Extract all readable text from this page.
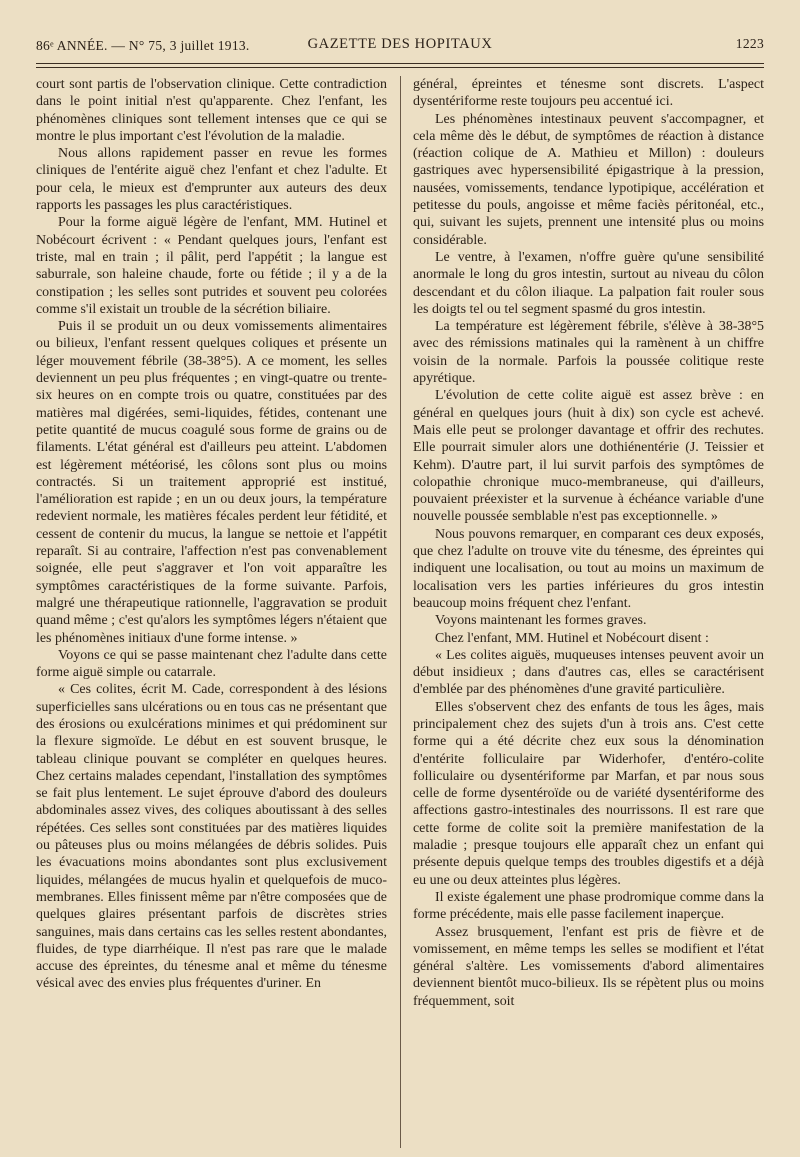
86ᵉ ANNÉE. — N° 75, 3 juillet 1913.	GAZETTE DES HOPITAUX	1223

court sont partis de l'observation clinique. Cette contradiction dans le point initial n'est qu'apparente. Chez l'enfant, les phénomènes cliniques sont tellement intenses que ce qui se montre le plus important c'est l'évolution de la maladie.

Nous allons rapidement passer en revue les formes cliniques de l'entérite aiguë chez l'enfant et chez l'adulte. Et pour cela, le mieux est d'emprunter aux auteurs des deux rapports les passages les plus caractéristiques.

Pour la forme aiguë légère de l'enfant, MM. Hutinel et Nobécourt écrivent : « Pendant quelques jours, l'enfant est triste, mal en train ; il pâlit, perd l'appétit ; la langue est saburrale, son haleine chaude, forte ou fétide ; il y a de la constipation ; les selles sont putrides et souvent peu colorées comme s'il existait un trouble de la sécrétion biliaire.

Puis il se produit un ou deux vomissements alimentaires ou bilieux, l'enfant ressent quelques coliques et présente un léger mouvement fébrile (38-38°5). A ce moment, les selles deviennent un peu plus fréquentes ; en vingt-quatre ou trente-six heures on en compte trois ou quatre, constituées par des matières mal digérées, semi-liquides, fétides, contenant une petite quantité de mucus coagulé sous forme de grains ou de filaments. L'état général est d'ailleurs peu atteint. L'abdomen est légèrement météorisé, les côlons sont plus ou moins contractés. Si un traitement approprié est institué, l'amélioration est rapide ; en un ou deux jours, la température redevient normale, les matières fécales perdent leur fétidité, et cessent de contenir du mucus, la langue se nettoie et l'appétit reparaît. Si au contraire, l'affection n'est pas convenablement soignée, elle peut s'aggraver et l'on voit apparaître les symptômes caractéristiques de la forme suivante. Parfois, malgré une thérapeutique rationnelle, l'aggravation se produit quand même ; c'est qu'alors les symptômes légers n'étaient que les phénomènes initiaux d'une forme intense. »

Voyons ce qui se passe maintenant chez l'adulte dans cette forme aiguë simple ou catarrale.

« Ces colites, écrit M. Cade, correspondent à des lésions superficielles sans ulcérations ou en tous cas ne présentant que des érosions ou exulcérations minimes et qui prédominent sur la flexure sigmoïde. Le début en est souvent brusque, le tableau clinique pouvant se compléter en quelques heures. Chez certains malades cependant, l'installation des symptômes se fait plus lentement. Le sujet éprouve d'abord des douleurs abdominales assez vives, des coliques aboutissant à des selles répétées. Ces selles sont constituées par des matières liquides ou pâteuses plus ou moins mélangées de débris solides. Puis les évacuations moins abondantes sont plus exclusivement liquides, mélangées de mucus hyalin et quelquefois de muco-membranes. Elles finissent même par n'être composées que de quelques glaires présentant parfois de discrètes stries sanguines, mais dans certains cas les selles restent abondantes, fluides, de type diarrhéique. Il n'est pas rare que le malade accuse des épreintes, du ténesme anal et même du ténesme vésical avec des envies plus fréquentes d'uriner. En

général, épreintes et ténesme sont discrets. L'aspect dysentériforme reste toujours peu accentué ici.

Les phénomènes intestinaux peuvent s'accompagner, et cela même dès le début, de symptômes de réaction à distance (réaction colique de A. Mathieu et Millon) : douleurs gastriques avec hypersensibilité épigastrique à la pression, nausées, vomissements, tendance lypotipique, accélération et petitesse du pouls, angoisse et même faciès péritonéal, etc., qui, suivant les sujets, prennent une intensité plus ou moins considérable.

Le ventre, à l'examen, n'offre guère qu'une sensibilité anormale le long du gros intestin, surtout au niveau du côlon descendant et du côlon iliaque. La palpation fait rouler sous les doigts tel ou tel segment spasmé du gros intestin.

La température est légèrement fébrile, s'élève à 38-38°5 avec des rémissions matinales qui la ramènent à un chiffre voisin de la normale. Parfois la poussée colitique reste apyrétique.

L'évolution de cette colite aiguë est assez brève : en général en quelques jours (huit à dix) son cycle est achevé. Mais elle peut se prolonger davantage et offrir des rechutes. Elle pourrait simuler alors une dothiénentérie (J. Teissier et Kehm). D'autre part, il lui survit parfois des symptômes de colopathie chronique muco-membraneuse, qui d'ailleurs, pouvaient préexister et la survenue à échéance variable d'une nouvelle poussée semblable n'est pas exceptionnelle. »

Nous pouvons remarquer, en comparant ces deux exposés, que chez l'adulte on trouve vite du ténesme, des épreintes qui indiquent une localisation, ou tout au moins un maximum de localisation vers les parties inférieures du gros intestin beaucoup moins fréquent chez l'enfant.

Voyons maintenant les formes graves.

Chez l'enfant, MM. Hutinel et Nobécourt disent :

« Les colites aiguës, muqueuses intenses peuvent avoir un début insidieux ; dans d'autres cas, elles se caractérisent d'emblée par des phénomènes d'une gravité particulière.

Elles s'observent chez des enfants de tous les âges, mais principalement chez des sujets d'un à trois ans. C'est cette forme qui a été décrite chez eux sous la dénomination d'entérite folliculaire par Widerhofer, d'entéro-colite folliculaire ou dysentériforme par Marfan, et par nous sous celle de forme dysentéroïde ou de variété dysentériforme des affections gastro-intestinales des nourrissons. Il est rare que cette forme de colite soit la première manifestation de la maladie ; presque toujours elle apparaît chez un enfant qui présente depuis quelque temps des troubles digestifs et a déjà eu une ou deux atteintes plus légères.

Il existe également une phase prodromique comme dans la forme précédente, mais elle passe facilement inaperçue.

Assez brusquement, l'enfant est pris de fièvre et de vomissement, en même temps les selles se modifient et l'état général s'altère. Les vomissements d'abord alimentaires deviennent bientôt muco-bilieux. Ils se répètent plus ou moins fréquemment, soit
